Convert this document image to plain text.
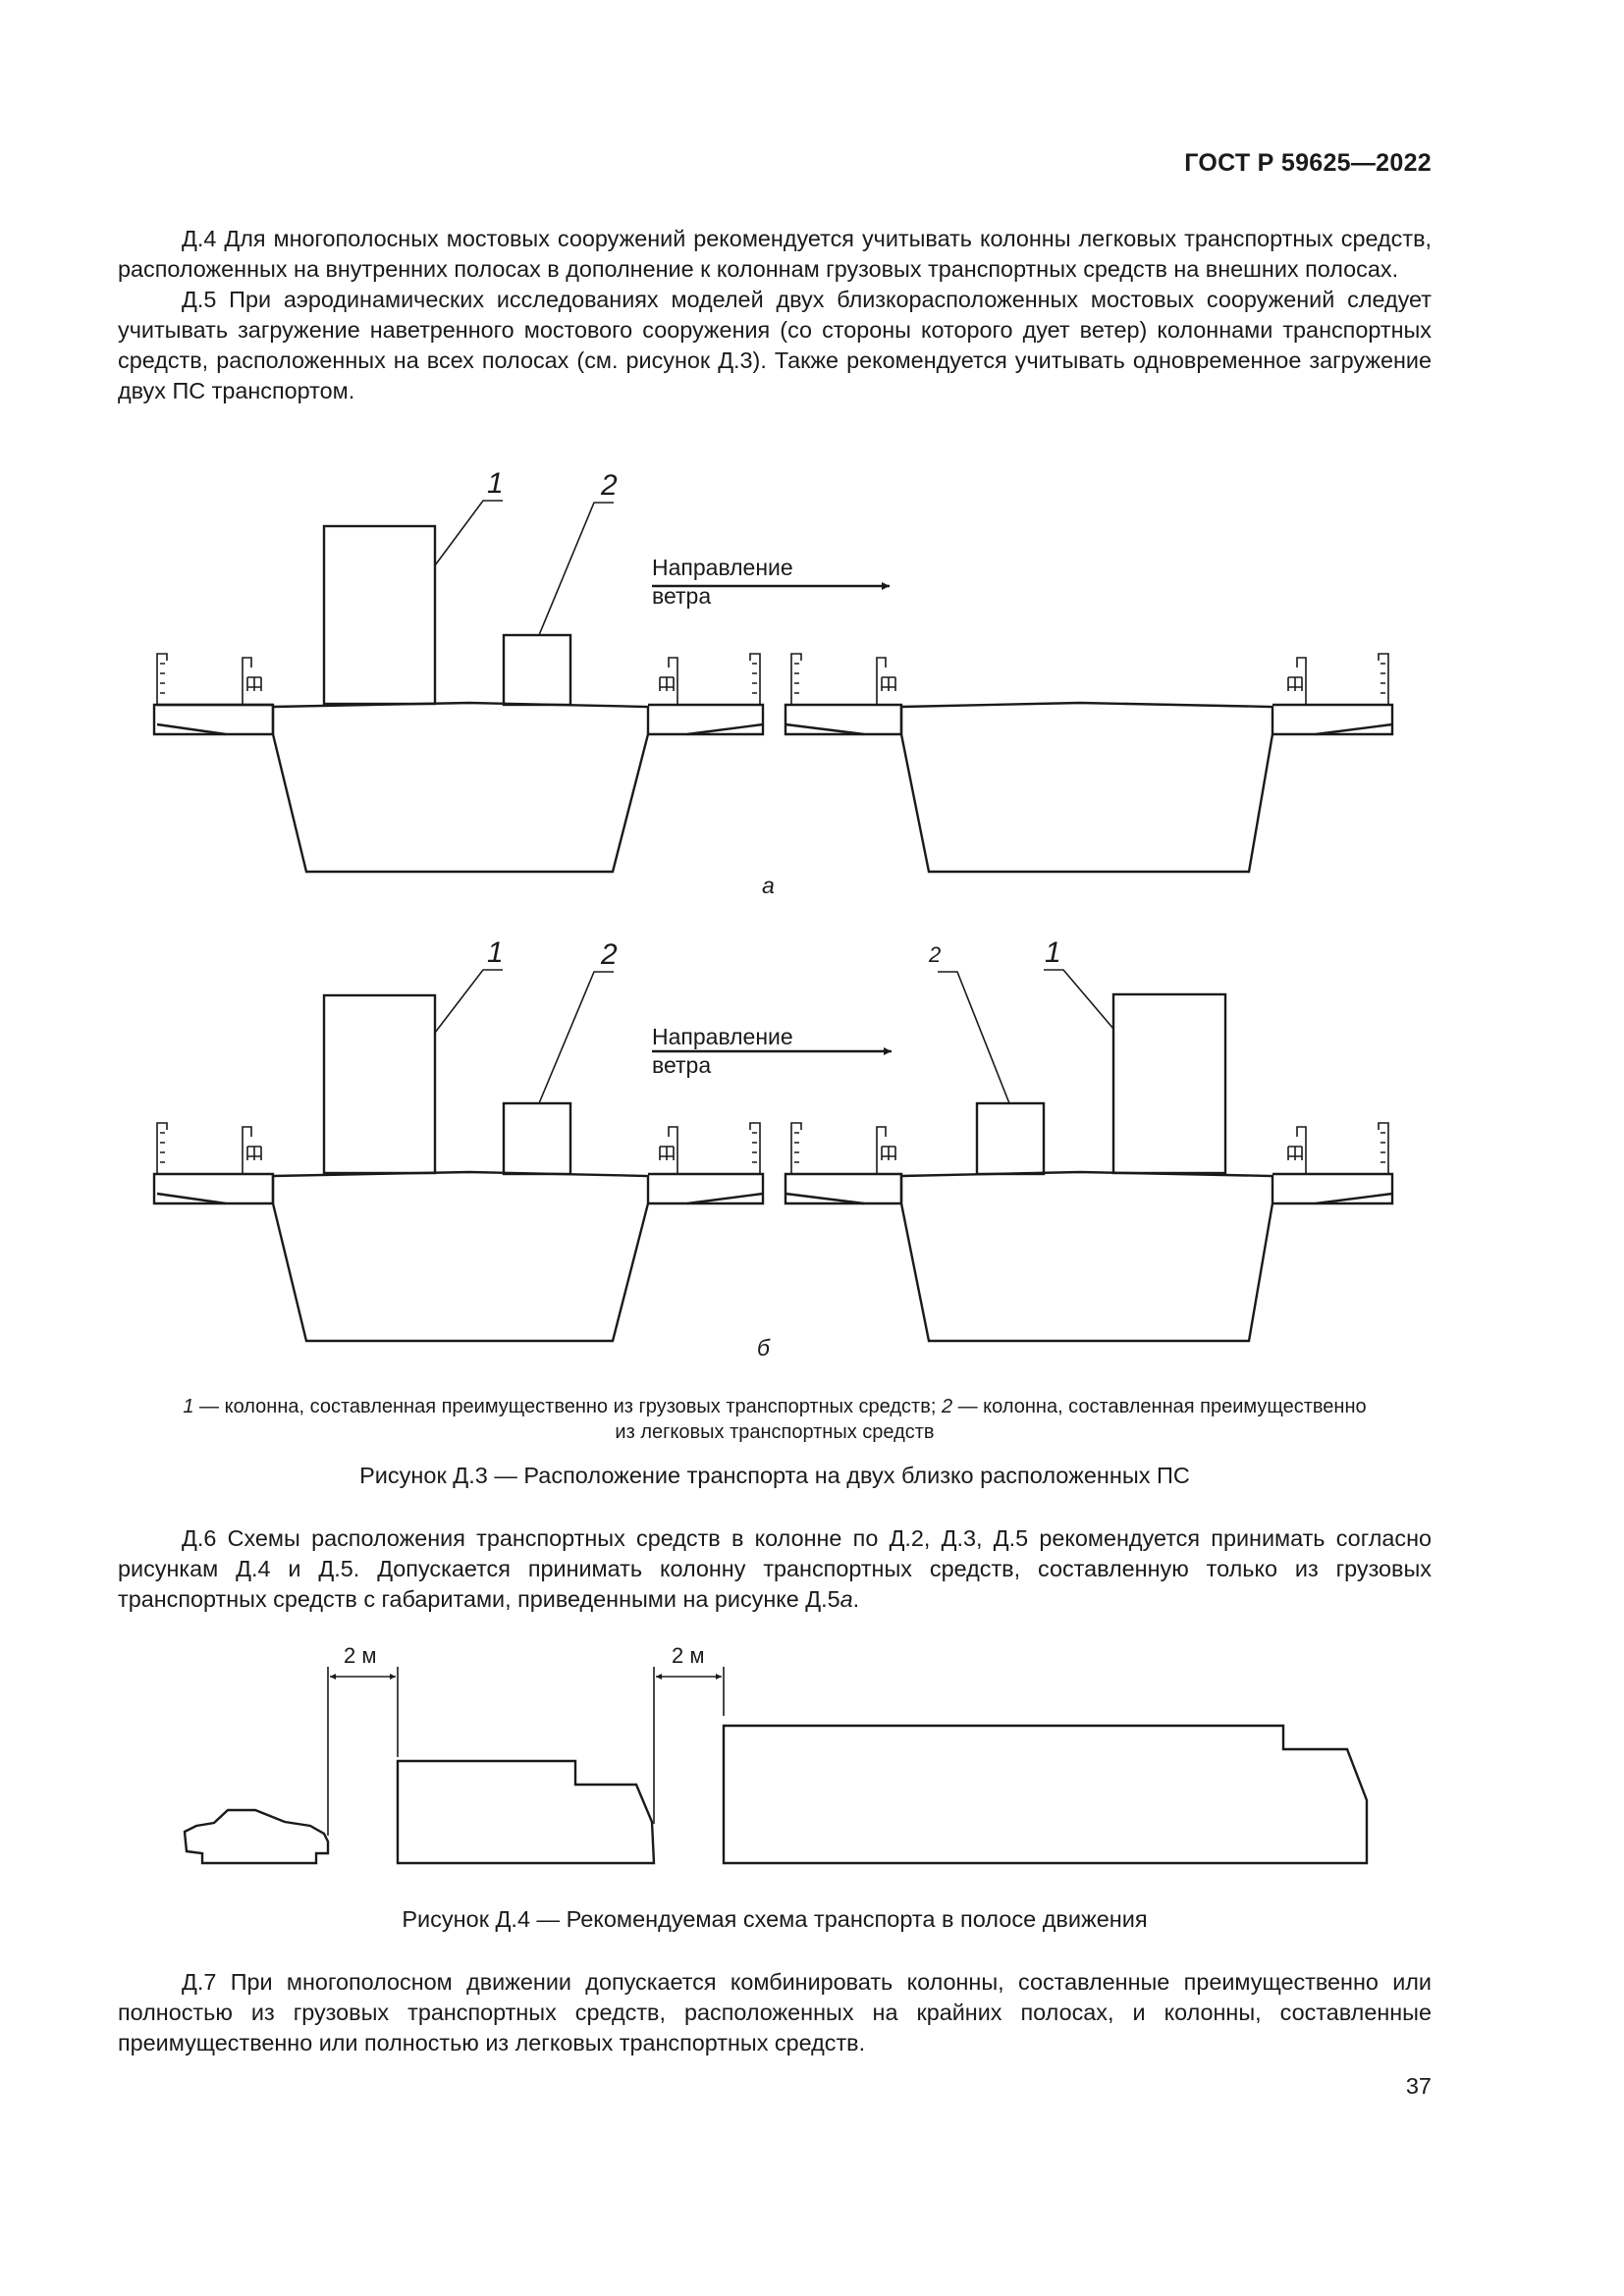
ГОСТ Р 59625—2022

Д.4 Для многополосных мостовых сооружений рекомендуется учитывать колонны легковых транспортных средств, расположенных на внутренних полосах в дополнение к колоннам грузовых транспортных средств на внешних полосах.

Д.5 При аэродинамических исследованиях моделей двух близкорасположенных мостовых сооружений следует учитывать загружение наветренного мостового сооружения (со стороны которого дует ветер) колоннами транспортных средств, расположенных на всех полосах (см. рисунок Д.3). Также рекомендуется учитывать одновременное загружение двух ПС транспортом.

1	2
Направление
ветра
а
1	2
Направление
ветра
2	1
б
1 — колонна, составленная преимущественно из грузовых транспортных средств; 2 — колонна, составленная преимущественно
из легковых транспортных средств
Рисунок Д.3 — Расположение транспорта на двух близко расположенных ПС

Д.6 Схемы расположения транспортных средств в колонне по Д.2, Д.3, Д.5 рекомендуется принимать согласно рисункам Д.4 и Д.5. Допускается принимать колонну транспортных средств, составленную только из грузовых транспортных средств с габаритами, приведенными на рисунке Д.5а.

2 м	2 м
Рисунок Д.4 — Рекомендуемая схема транспорта в полосе движения

Д.7 При многополосном движении допускается комбинировать колонны, составленные преимущественно или полностью из грузовых транспортных средств, расположенных на крайних полосах, и колонны, составленные преимущественно или полностью из легковых транспортных средств.

37
